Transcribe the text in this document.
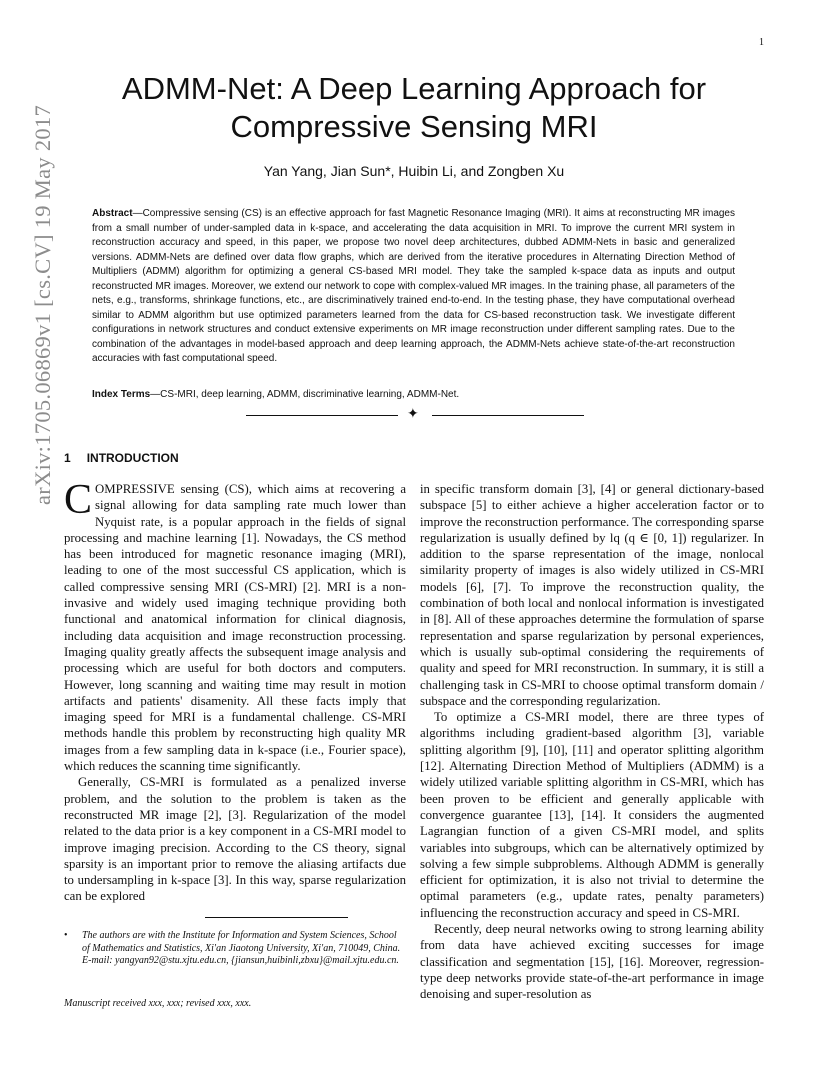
1
arXiv:1705.06869v1 [cs.CV] 19 May 2017
ADMM-Net: A Deep Learning Approach for
Compressive Sensing MRI
Yan Yang, Jian Sun*, Huibin Li, and Zongben Xu
Abstract—Compressive sensing (CS) is an effective approach for fast Magnetic Resonance Imaging (MRI). It aims at reconstructing MR images from a small number of under-sampled data in k-space, and accelerating the data acquisition in MRI. To improve the current MRI system in reconstruction accuracy and speed, in this paper, we propose two novel deep architectures, dubbed ADMM-Nets in basic and generalized versions. ADMM-Nets are defined over data flow graphs, which are derived from the iterative procedures in Alternating Direction Method of Multipliers (ADMM) algorithm for optimizing a general CS-based MRI model. They take the sampled k-space data as inputs and output reconstructed MR images. Moreover, we extend our network to cope with complex-valued MR images. In the training phase, all parameters of the nets, e.g., transforms, shrinkage functions, etc., are discriminatively trained end-to-end. In the testing phase, they have computational overhead similar to ADMM algorithm but use optimized parameters learned from the data for CS-based reconstruction task. We investigate different configurations in network structures and conduct extensive experiments on MR image reconstruction under different sampling rates. Due to the combination of the advantages in model-based approach and deep learning approach, the ADMM-Nets achieve state-of-the-art reconstruction accuracies with fast computational speed.
Index Terms—CS-MRI, deep learning, ADMM, discriminative learning, ADMM-Net.
✦
1 INTRODUCTION

COMPRESSIVE sensing (CS), which aims at recovering a signal allowing for data sampling rate much lower than Nyquist rate, is a popular approach in the fields of signal processing and machine learning [1]. Nowadays, the CS method has been introduced for magnetic resonance imaging (MRI), leading to one of the most successful CS application, which is called compressive sensing MRI (CS-MRI) [2]. MRI is a non-invasive and widely used imaging technique providing both functional and anatomical information for clinical diagnosis, including data acquisition and image reconstruction processing. Imaging quality greatly affects the subsequent image analysis and processing which are useful for both doctors and computers. However, long scanning and waiting time may result in motion artifacts and patients' disamenity. All these facts imply that imaging speed for MRI is a fundamental challenge. CS-MRI methods handle this problem by reconstructing high quality MR images from a few sampling data in k-space (i.e., Fourier space), which reduces the scanning time significantly.

Generally, CS-MRI is formulated as a penalized inverse problem, and the solution to the problem is taken as the reconstructed MR image [2], [3]. Regularization of the model related to the data prior is a key component in a CS-MRI model to improve imaging precision. According to the CS theory, signal sparsity is an important prior to remove the aliasing artifacts due to undersampling in k-space [3]. In this way, sparse regularization can be explored

in specific transform domain [3], [4] or general dictionary-based subspace [5] to either achieve a higher acceleration factor or to improve the reconstruction performance. The corresponding sparse regularization is usually defined by lq (q ∈ [0, 1]) regularizer. In addition to the sparse representation of the image, nonlocal similarity property of images is also widely utilized in CS-MRI models [6], [7]. To improve the reconstruction quality, the combination of both local and nonlocal information is investigated in [8]. All of these approaches determine the formulation of sparse representation and sparse regularization by personal experiences, which is usually sub-optimal considering the requirements of quality and speed for MRI reconstruction. In summary, it is still a challenging task in CS-MRI to choose optimal transform domain / subspace and the corresponding regularization.

To optimize a CS-MRI model, there are three types of algorithms including gradient-based algorithm [3], variable splitting algorithm [9], [10], [11] and operator splitting algorithm [12]. Alternating Direction Method of Multipliers (ADMM) is a widely utilized variable splitting algorithm in CS-MRI, which has been proven to be efficient and generally applicable with convergence guarantee [13], [14]. It considers the augmented Lagrangian function of a given CS-MRI model, and splits variables into subgroups, which can be alternatively optimized by solving a few simple subproblems. Although ADMM is generally efficient for optimization, it is also not trivial to determine the optimal parameters (e.g., update rates, penalty parameters) influencing the reconstruction accuracy and speed in CS-MRI.

Recently, deep neural networks owing to strong learning ability from data have achieved exciting successes for image classification and segmentation [15], [16]. Moreover, regression-type deep networks provide state-of-the-art performance in image denoising and super-resolution as

• The authors are with the Institute for Information and System Sciences, School of Mathematics and Statistics, Xi'an Jiaotong University, Xi'an, 710049, China. E-mail: yangyan92@stu.xjtu.edu.cn, {jiansun,huibinli,zbxu}@mail.xjtu.edu.cn.
Manuscript received xxx, xxx; revised xxx, xxx.
